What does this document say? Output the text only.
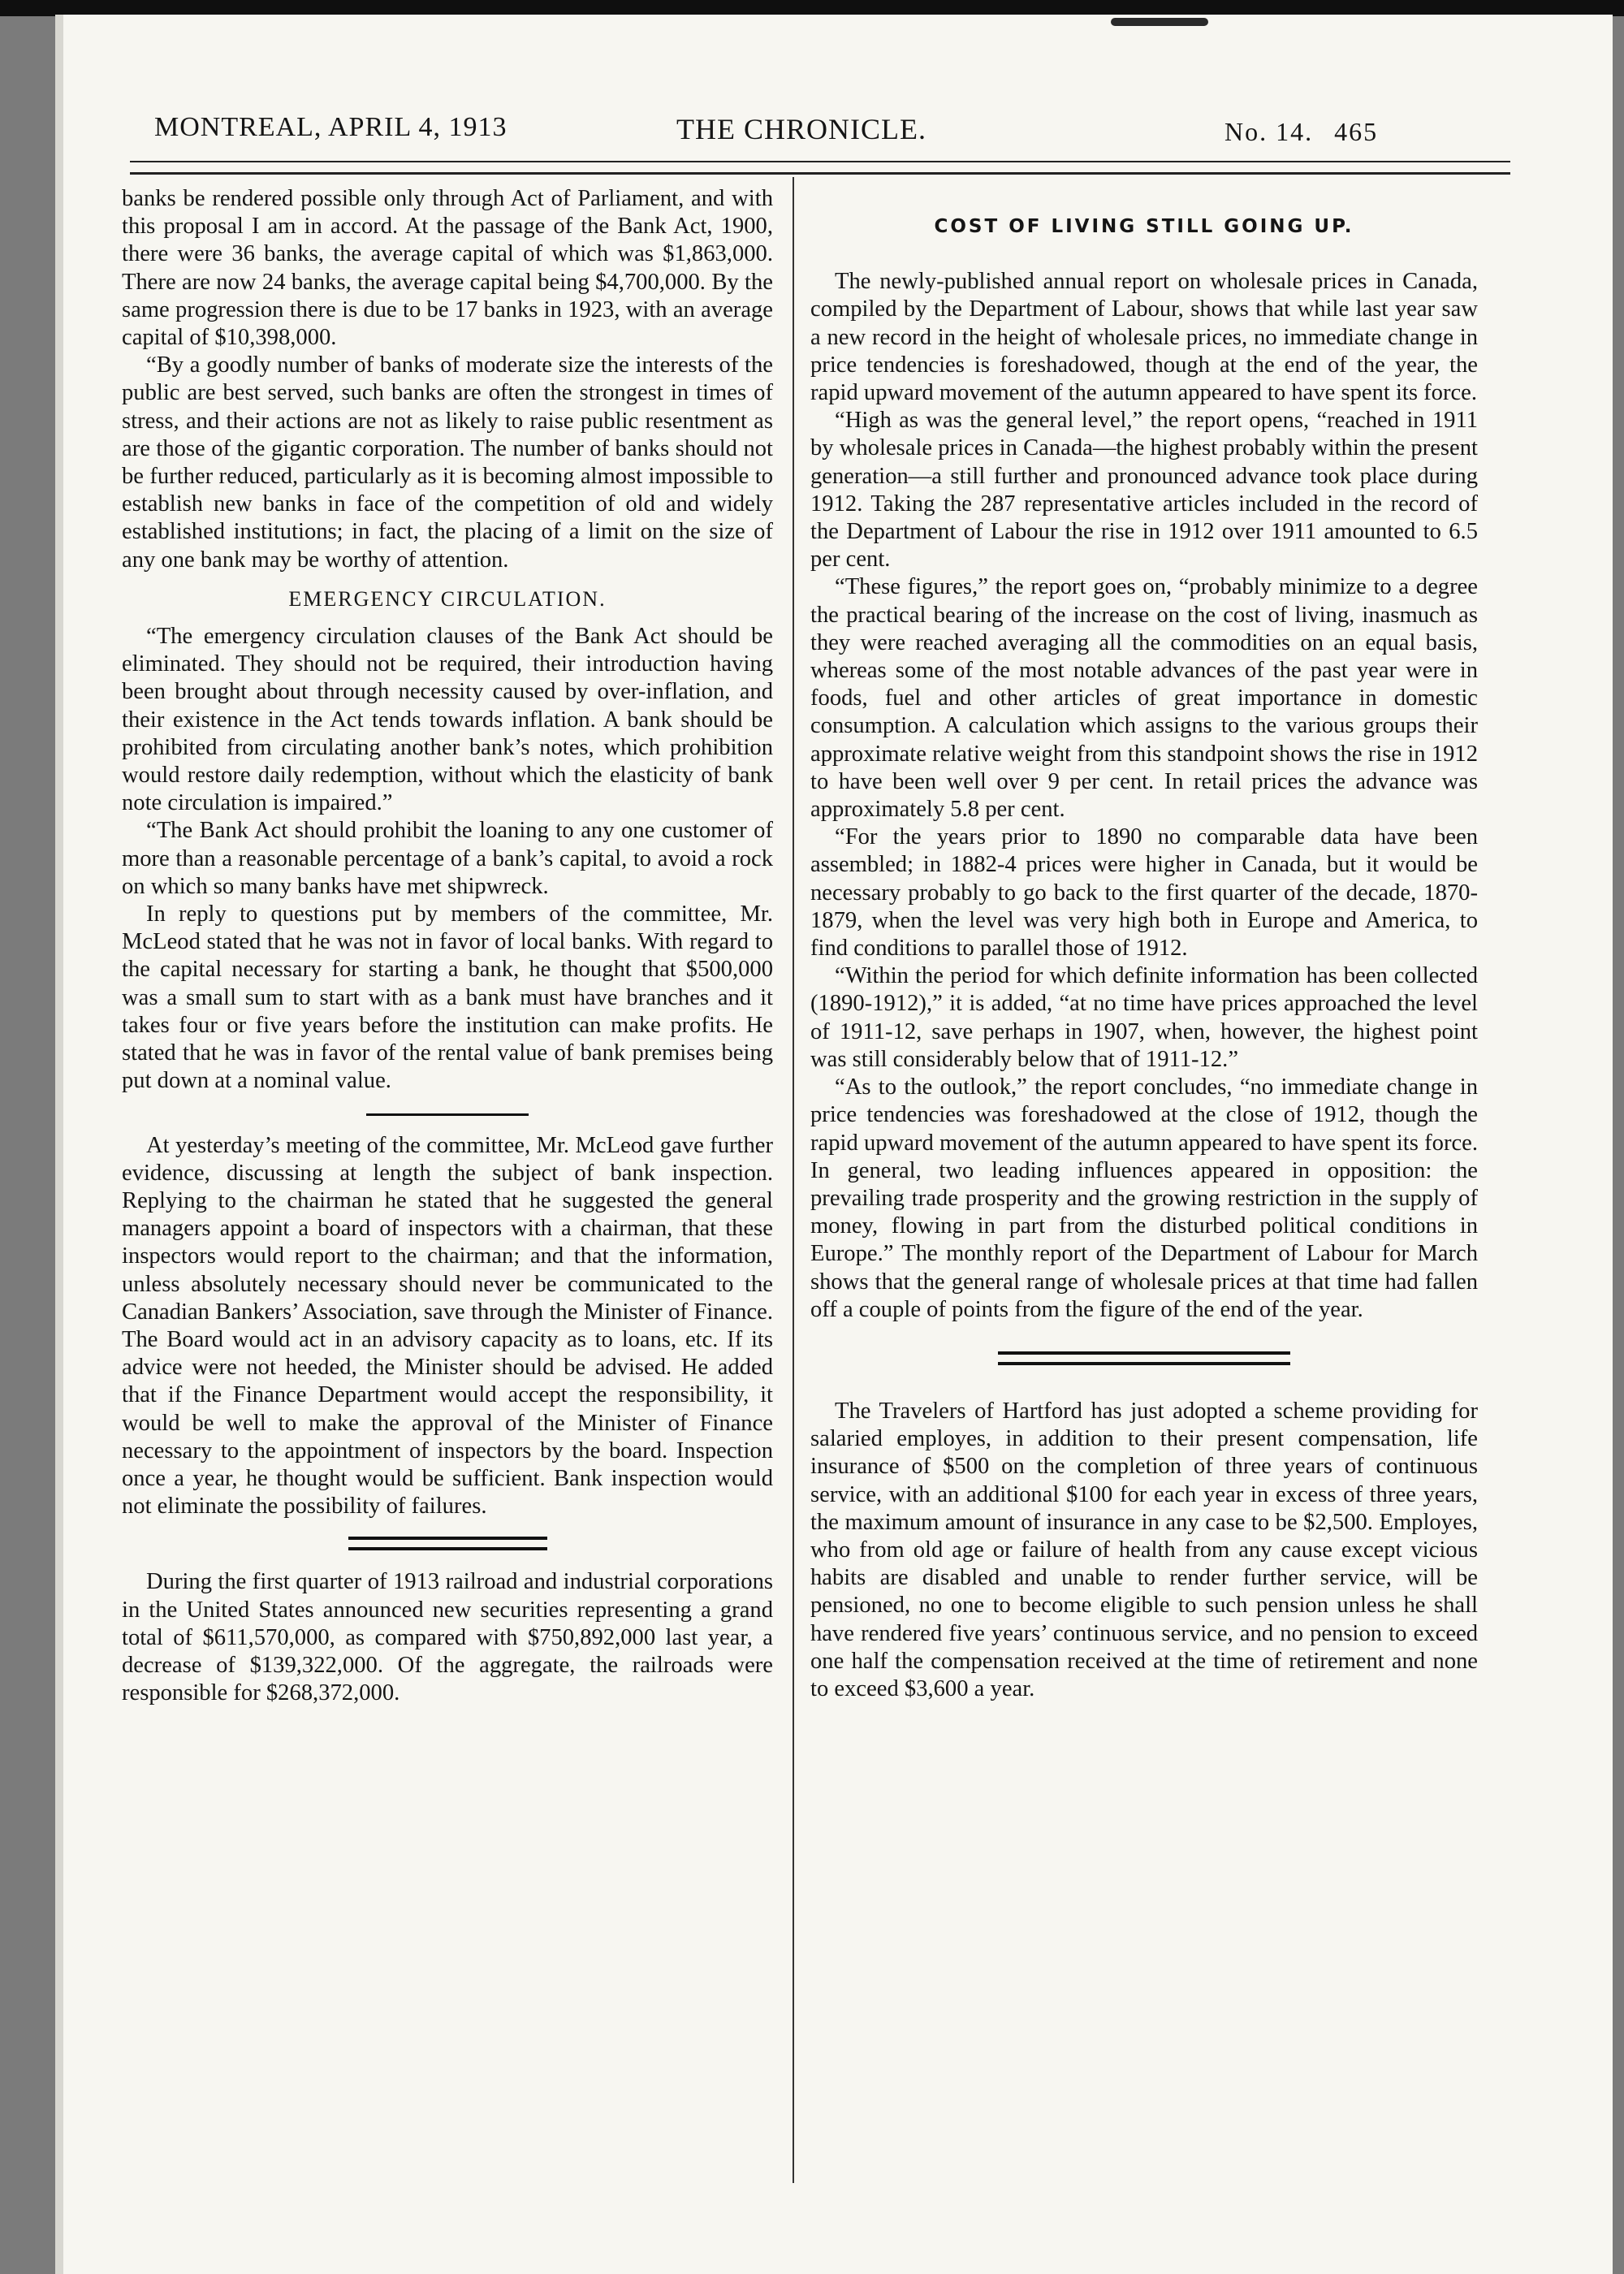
MONTREAL, APRIL 4, 1913	THE CHRONICLE.	No. 14. 465

banks be rendered possible only through Act of Parliament, and with this proposal I am in accord. At the passage of the Bank Act, 1900, there were 36 banks, the average capital of which was $1,863,000. There are now 24 banks, the average capital being $4,700,000. By the same progression there is due to be 17 banks in 1923, with an average capital of $10,398,000.

“By a goodly number of banks of moderate size the interests of the public are best served, such banks are often the strongest in times of stress, and their actions are not as likely to raise public resentment as are those of the gigantic corporation. The number of banks should not be further reduced, particularly as it is becoming almost impossible to establish new banks in face of the competition of old and widely established institutions; in fact, the placing of a limit on the size of any one bank may be worthy of attention.

EMERGENCY CIRCULATION.

“The emergency circulation clauses of the Bank Act should be eliminated. They should not be required, their introduction having been brought about through necessity caused by over-inflation, and their existence in the Act tends towards inflation. A bank should be prohibited from circulating another bank’s notes, which prohibition would restore daily redemption, without which the elasticity of bank note circulation is impaired.”

“The Bank Act should prohibit the loaning to any one customer of more than a reasonable percentage of a bank’s capital, to avoid a rock on which so many banks have met shipwreck.

In reply to questions put by members of the committee, Mr. McLeod stated that he was not in favor of local banks. With regard to the capital necessary for starting a bank, he thought that $500,000 was a small sum to start with as a bank must have branches and it takes four or five years before the institution can make profits. He stated that he was in favor of the rental value of bank premises being put down at a nominal value.

At yesterday’s meeting of the committee, Mr. McLeod gave further evidence, discussing at length the subject of bank inspection. Replying to the chairman he stated that he suggested the general managers appoint a board of inspectors with a chairman, that these inspectors would report to the chairman; and that the information, unless absolutely necessary should never be communicated to the Canadian Bankers’ Association, save through the Minister of Finance. The Board would act in an advisory capacity as to loans, etc. If its advice were not heeded, the Minister should be advised. He added that if the Finance Department would accept the responsibility, it would be well to make the approval of the Minister of Finance necessary to the appointment of inspectors by the board. Inspection once a year, he thought would be sufficient. Bank inspection would not eliminate the possibility of failures.

During the first quarter of 1913 railroad and industrial corporations in the United States announced new securities representing a grand total of $611,570,000, as compared with $750,892,000 last year, a decrease of $139,322,000. Of the aggregate, the railroads were responsible for $268,372,000.

COST OF LIVING STILL GOING UP.

The newly-published annual report on wholesale prices in Canada, compiled by the Department of Labour, shows that while last year saw a new record in the height of wholesale prices, no immediate change in price tendencies is foreshadowed, though at the end of the year, the rapid upward movement of the autumn appeared to have spent its force.

“High as was the general level,” the report opens, “reached in 1911 by wholesale prices in Canada—the highest probably within the present generation—a still further and pronounced advance took place during 1912. Taking the 287 representative articles included in the record of the Department of Labour the rise in 1912 over 1911 amounted to 6.5 per cent.

“These figures,” the report goes on, “probably minimize to a degree the practical bearing of the increase on the cost of living, inasmuch as they were reached averaging all the commodities on an equal basis, whereas some of the most notable advances of the past year were in foods, fuel and other articles of great importance in domestic consumption. A calculation which assigns to the various groups their approximate relative weight from this standpoint shows the rise in 1912 to have been well over 9 per cent. In retail prices the advance was approximately 5.8 per cent.

“For the years prior to 1890 no comparable data have been assembled; in 1882-4 prices were higher in Canada, but it would be necessary probably to go back to the first quarter of the decade, 1870-1879, when the level was very high both in Europe and America, to find conditions to parallel those of 1912.

“Within the period for which definite information has been collected (1890-1912),” it is added, “at no time have prices approached the level of 1911-12, save perhaps in 1907, when, however, the highest point was still considerably below that of 1911-12.”

“As to the outlook,” the report concludes, “no immediate change in price tendencies was foreshadowed at the close of 1912, though the rapid upward movement of the autumn appeared to have spent its force. In general, two leading influences appeared in opposition: the prevailing trade prosperity and the growing restriction in the supply of money, flowing in part from the disturbed political conditions in Europe.” The monthly report of the Department of Labour for March shows that the general range of wholesale prices at that time had fallen off a couple of points from the figure of the end of the year.

The Travelers of Hartford has just adopted a scheme providing for salaried employes, in addition to their present compensation, life insurance of $500 on the completion of three years of continuous service, with an additional $100 for each year in excess of three years, the maximum amount of insurance in any case to be $2,500. Employes, who from old age or failure of health from any cause except vicious habits are disabled and unable to render further service, will be pensioned, no one to become eligible to such pension unless he shall have rendered five years’ continuous service, and no pension to exceed one half the compensation received at the time of retirement and none to exceed $3,600 a year.
